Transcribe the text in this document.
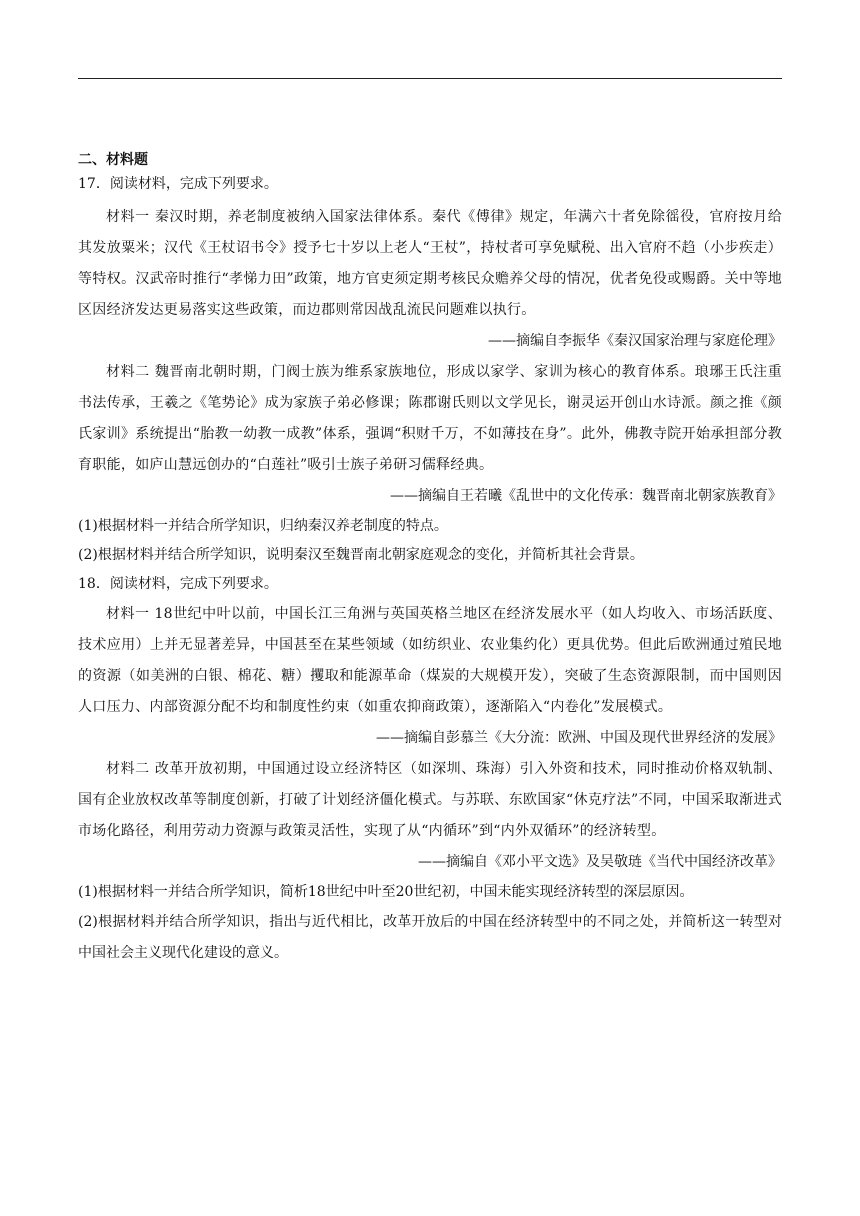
二、材料题

17．阅读材料，完成下列要求。

材料一 秦汉时期，养老制度被纳入国家法律体系。秦代《傅律》规定，年满六十者免除徭役，官府按月给其发放粟米；汉代《王杖诏书令》授予七十岁以上老人“王杖”，持杖者可享免赋税、出入官府不趋（小步疾走）等特权。汉武帝时推行“孝悌力田”政策，地方官吏须定期考核民众赡养父母的情况，优者免役或赐爵。关中等地区因经济发达更易落实这些政策，而边郡则常因战乱流民问题难以执行。

——摘编自李振华《秦汉国家治理与家庭伦理》

材料二 魏晋南北朝时期，门阀士族为维系家族地位，形成以家学、家训为核心的教育体系。琅琊王氏注重书法传承，王羲之《笔势论》成为家族子弟必修课；陈郡谢氏则以文学见长，谢灵运开创山水诗派。颜之推《颜氏家训》系统提出“胎教一幼教一成教”体系，强调“积财千万，不如薄技在身”。此外，佛教寺院开始承担部分教育职能，如庐山慧远创办的“白莲社”吸引士族子弟研习儒释经典。

——摘编自王若曦《乱世中的文化传承：魏晋南北朝家族教育》

(1)根据材料一并结合所学知识，归纳秦汉养老制度的特点。

(2)根据材料并结合所学知识，说明秦汉至魏晋南北朝家庭观念的变化，并简析其社会背景。

18．阅读材料，完成下列要求。

材料一 18世纪中叶以前，中国长江三角洲与英国英格兰地区在经济发展水平（如人均收入、市场活跃度、技术应用）上并无显著差异，中国甚至在某些领域（如纺织业、农业集约化）更具优势。但此后欧洲通过殖民地的资源（如美洲的白银、棉花、糖）攫取和能源革命（煤炭的大规模开发），突破了生态资源限制，而中国则因人口压力、内部资源分配不均和制度性约束（如重农抑商政策），逐渐陷入“内卷化”发展模式。

——摘编自彭慕兰《大分流：欧洲、中国及现代世界经济的发展》

材料二 改革开放初期，中国通过设立经济特区（如深圳、珠海）引入外资和技术，同时推动价格双轨制、国有企业放权改革等制度创新，打破了计划经济僵化模式。与苏联、东欧国家“休克疗法”不同，中国采取渐进式市场化路径，利用劳动力资源与政策灵活性，实现了从“内循环”到“内外双循环”的经济转型。

——摘编自《邓小平文选》及吴敬琏《当代中国经济改革》

(1)根据材料一并结合所学知识，简析18世纪中叶至20世纪初，中国未能实现经济转型的深层原因。

(2)根据材料并结合所学知识，指出与近代相比，改革开放后的中国在经济转型中的不同之处，并简析这一转型对中国社会主义现代化建设的意义。
